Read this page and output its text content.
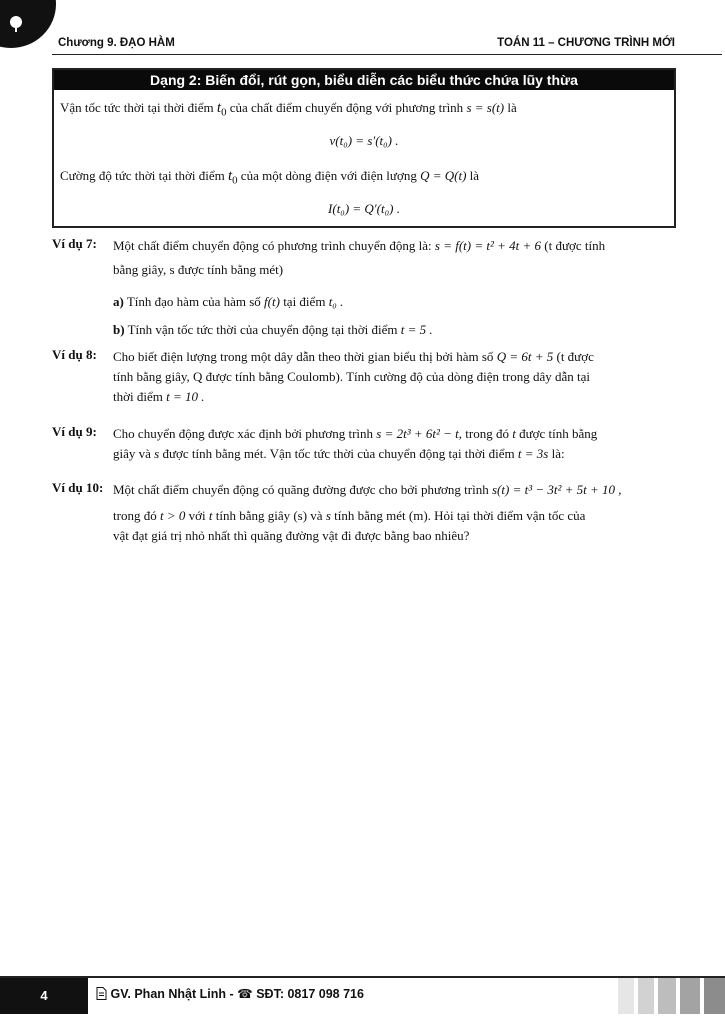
Chương 9. ĐẠO HÀM	TOÁN 11 – CHƯƠNG TRÌNH MỚI
Dạng 2: Biến đổi, rút gọn, biểu diễn các biểu thức chứa lũy thừa
Vận tốc tức thời tại thời điểm $t_0$ của chất điểm chuyển động với phương trình s = s(t) là
v(t₀) = s′(t₀) .
Cường độ tức thời tại thời điểm $t_0$ của một dòng điện với điện lượng Q = Q(t) là
I(t₀) = Q′(t₀) .
Ví dụ 7: Một chất điểm chuyển động có phương trình chuyển động là: s = f(t) = t² + 4t + 6 (t được tính
bằng giây, s được tính bằng mét)
a) Tính đạo hàm của hàm số f(t) tại điểm t₀ .
b) Tính vận tốc tức thời của chuyển động tại thời điểm t = 5 .
Ví dụ 8: Cho biết điện lượng trong một dây dẫn theo thời gian biểu thị bởi hàm số Q = 6t + 5 (t được
tính bằng giây, Q được tính bằng Coulomb). Tính cường độ của dòng điện trong dây dẫn tại
thời điểm t = 10 .
Ví dụ 9: Cho chuyển động được xác định bởi phương trình s = 2t³ + 6t² − t, trong đó t được tính bằng
giây và s được tính bằng mét. Vận tốc tức thời của chuyển động tại thời điểm t = 3s là:
Ví dụ 10: Một chất điểm chuyển động có quãng đường được cho bởi phương trình s(t) = t³ − 3t² + 5t + 10 ,
trong đó t > 0 với t tính bằng giây (s) và s tính bằng mét (m). Hỏi tại thời điểm vận tốc của
vật đạt giá trị nhỏ nhất thì quãng đường vật đi được bằng bao nhiêu?
4	GV. Phan Nhật Linh - ☎ SĐT: 0817 098 716
